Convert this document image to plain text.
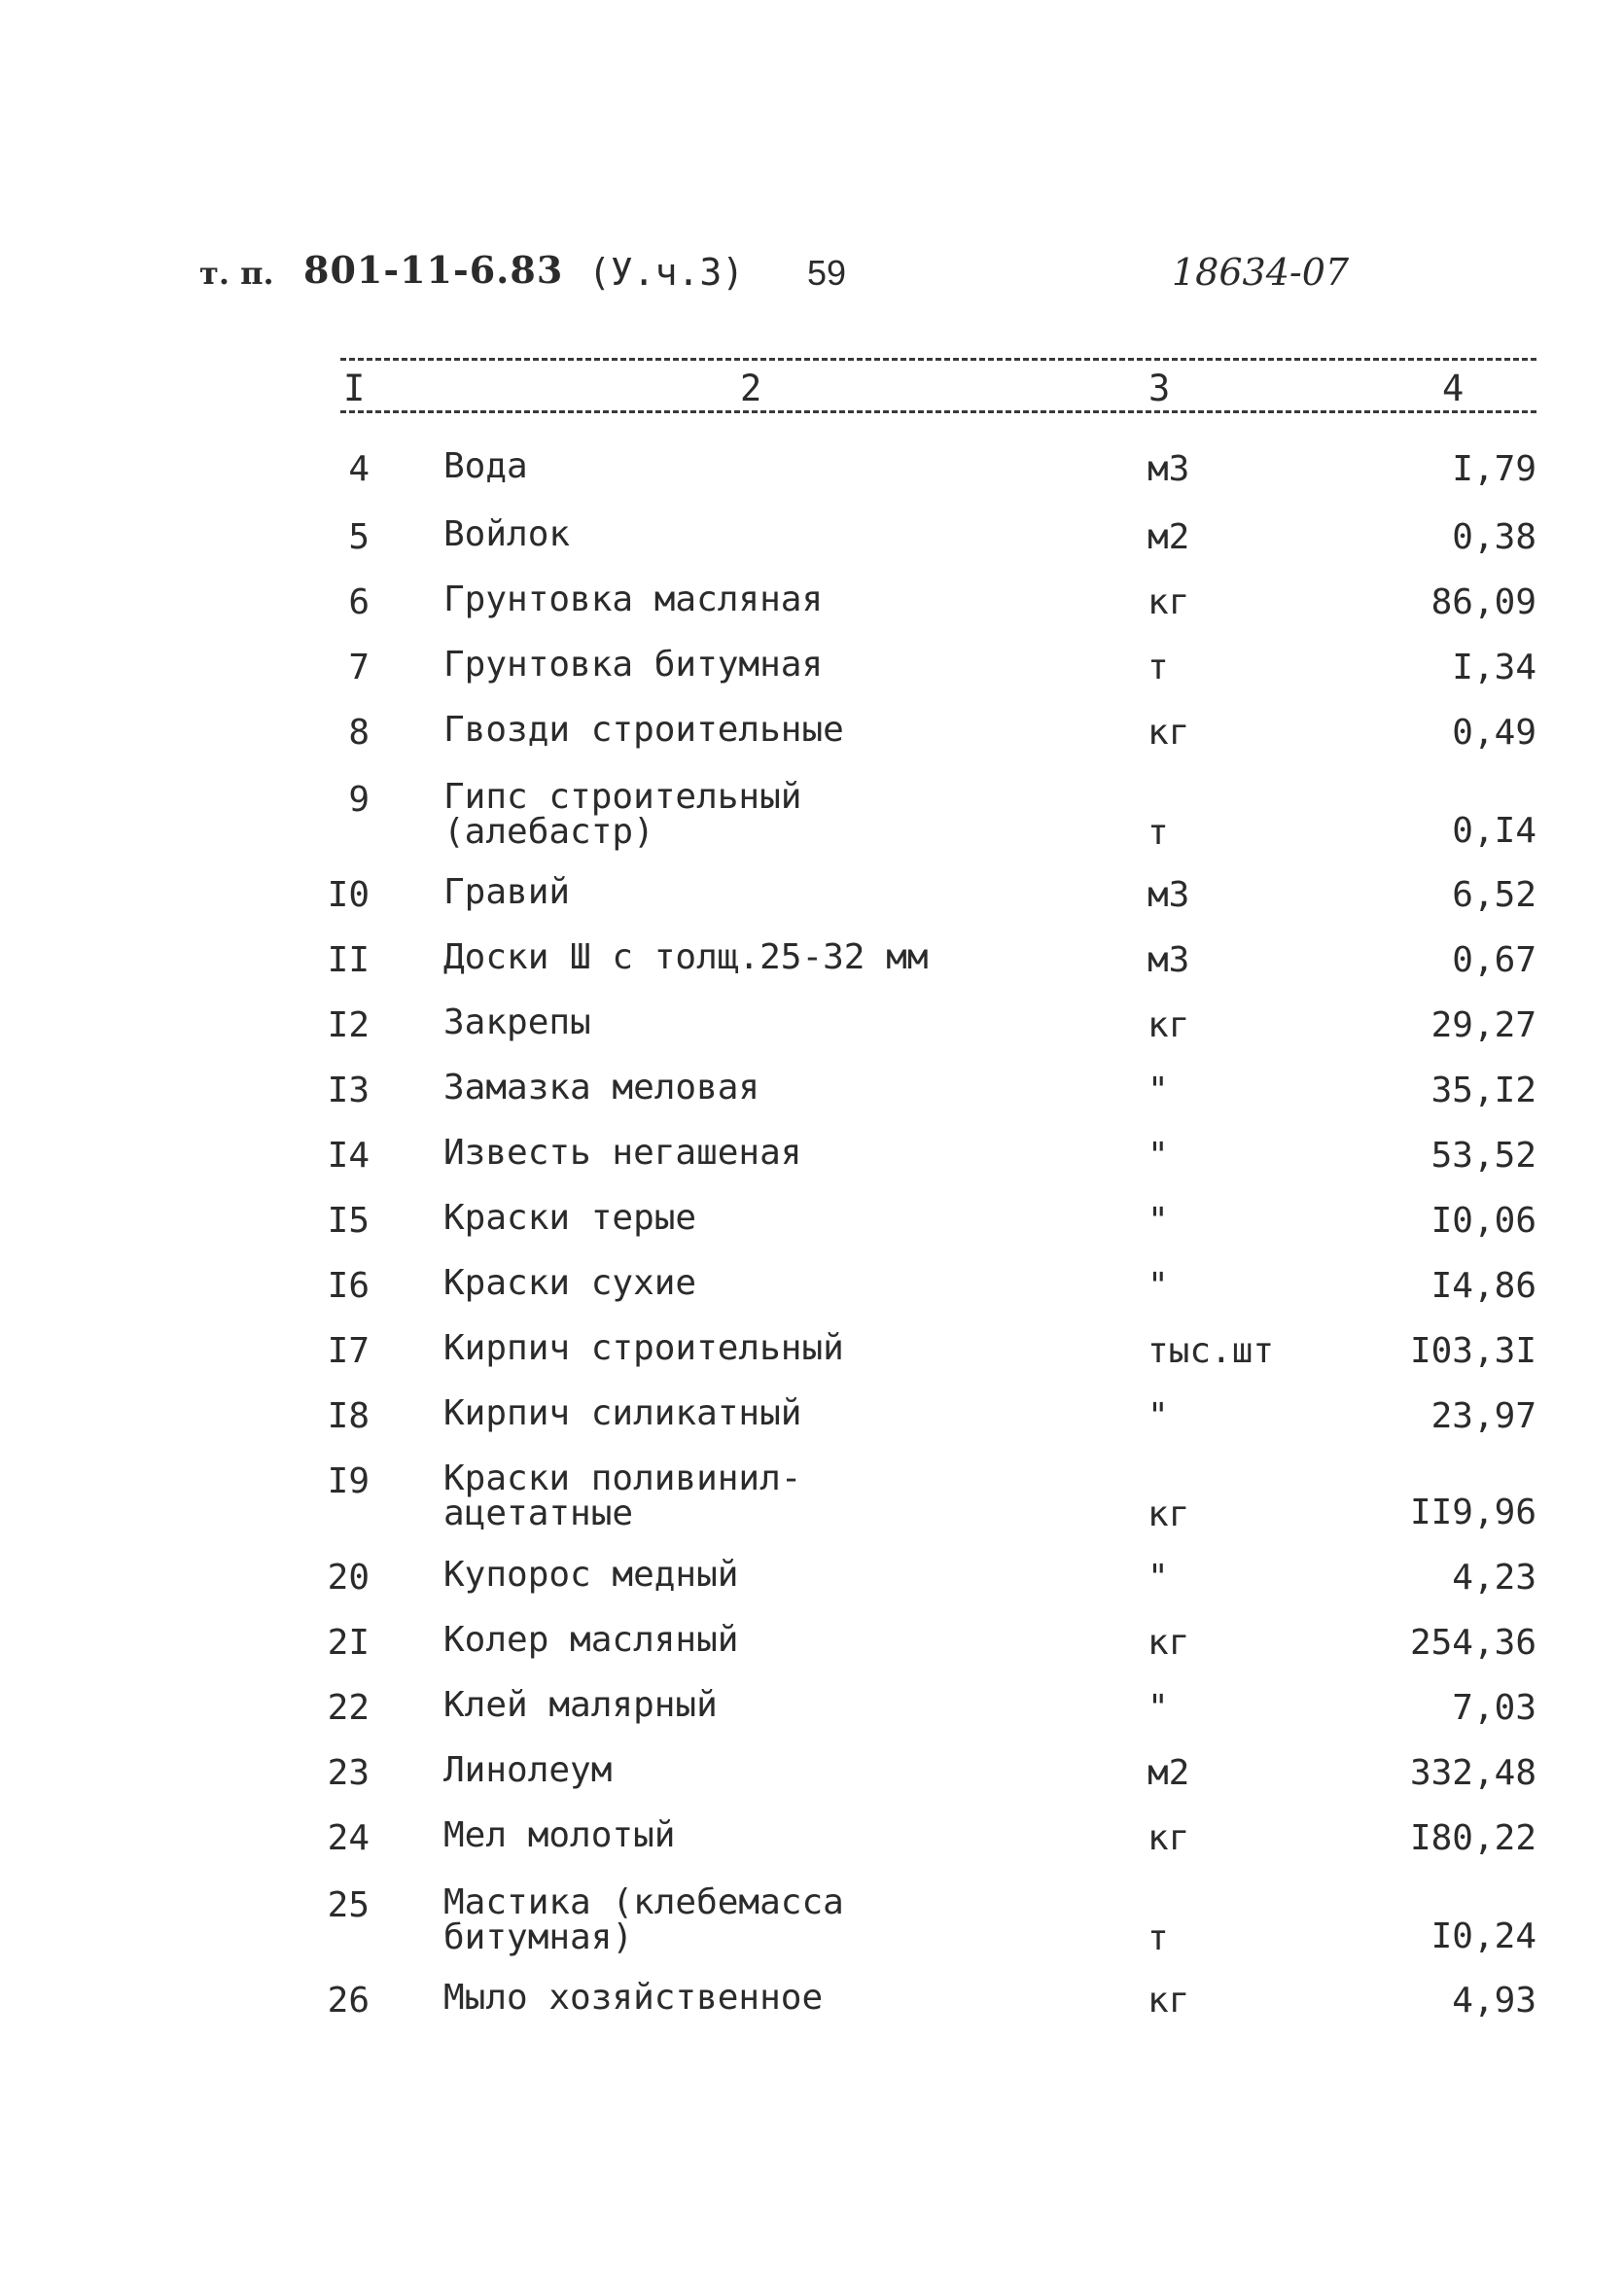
т. п. 801-11-6.83 (У.ч.3) 59	18634-07
I	2	3	4
4 Вода	м3	I,79
5 Войлок	м2	0,38
6 Грунтовка масляная	кг	86,09
7 Грунтовка битумная	т	I,34
8 Гвозди строительные	кг	0,49
9 Гипс строительный
(алебастр)	т	0,I4
I0 Гравий	м3	6,52
II Доски Ш с толщ.25-32 мм	м3	0,67
I2 Закрепы	кг	29,27
I3 Замазка меловая	"	35,I2
I4 Известь негашеная	"	53,52
I5 Краски терые	"	I0,06
I6 Краски сухие	"	I4,86
I7 Кирпич строительный	тыс.шт	I03,3I
I8 Кирпич силикатный	"	23,97
I9 Краски поливинил-
ацетатные	кг	II9,96
20 Купорос медный	"	4,23
2I Колер масляный	кг	254,36
22 Клей малярный	"	7,03
23 Линолеум	м2	332,48
24 Мел молотый	кг	I80,22
25 Мастика (клебемасса
битумная)	т	I0,24
26 Мыло хозяйственное	кг	4,93
